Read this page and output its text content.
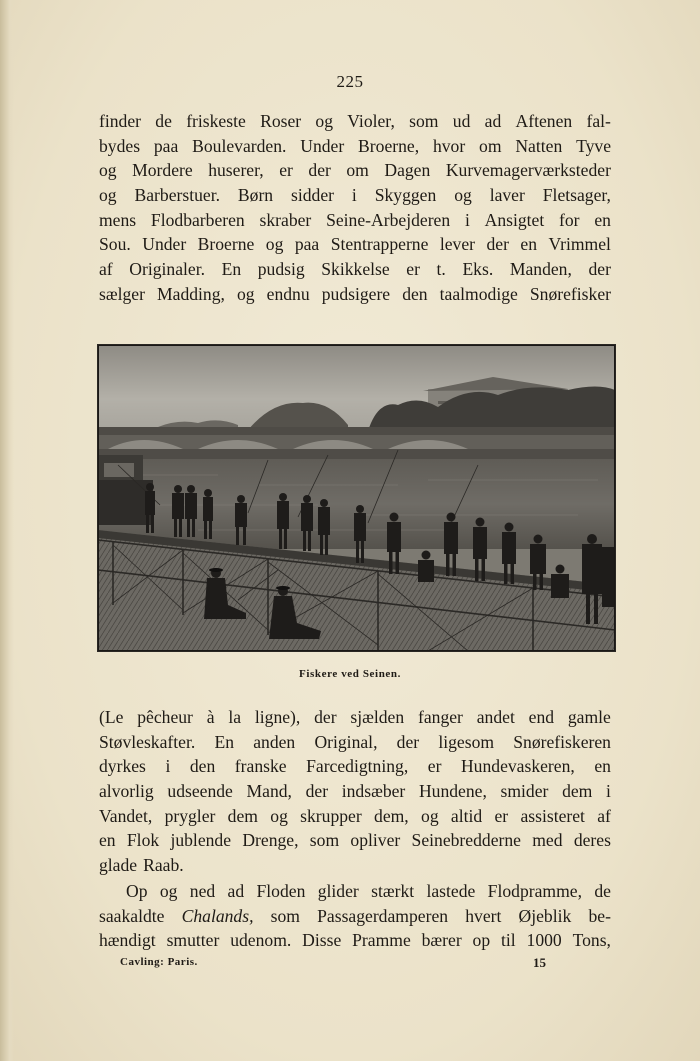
225
finder de friskeste Roser og Violer, som ud ad Aftenen fal-
bydes paa Boulevarden. Under Broerne, hvor om Natten Tyve
og Mordere huserer, er der om Dagen Kurvemagerværksteder
og Barberstuer. Børn sidder i Skyggen og laver Fletsager,
mens Flodbarberen skraber Seine-Arbejderen i Ansigtet for en
Sou. Under Broerne og paa Stentrapperne lever der en Vrimmel
af Originaler. En pudsig Skikkelse er t. Eks. Manden, der
sælger Madding, og endnu pudsigere den taalmodige Snørefisker
Fiskere ved Seinen.
(Le pêcheur à la ligne), der sjælden fanger andet end gamle
Støvleskafter. En anden Original, der ligesom Snørefiskeren
dyrkes i den franske Farcedigtning, er Hundevaskeren, en
alvorlig udseende Mand, der indsæber Hundene, smider dem i
Vandet, prygler dem og skrupper dem, og altid er assisteret af
en Flok jublende Drenge, som opliver Seinebredderne med deres
glade Raab.
Op og ned ad Floden glider stærkt lastede Flodpramme, de
saakaldte Chalands, som Passagerdamperen hvert Øjeblik be-
hændigt smutter udenom. Disse Pramme bærer op til 1000 Tons,
Cavling: Paris.	15
